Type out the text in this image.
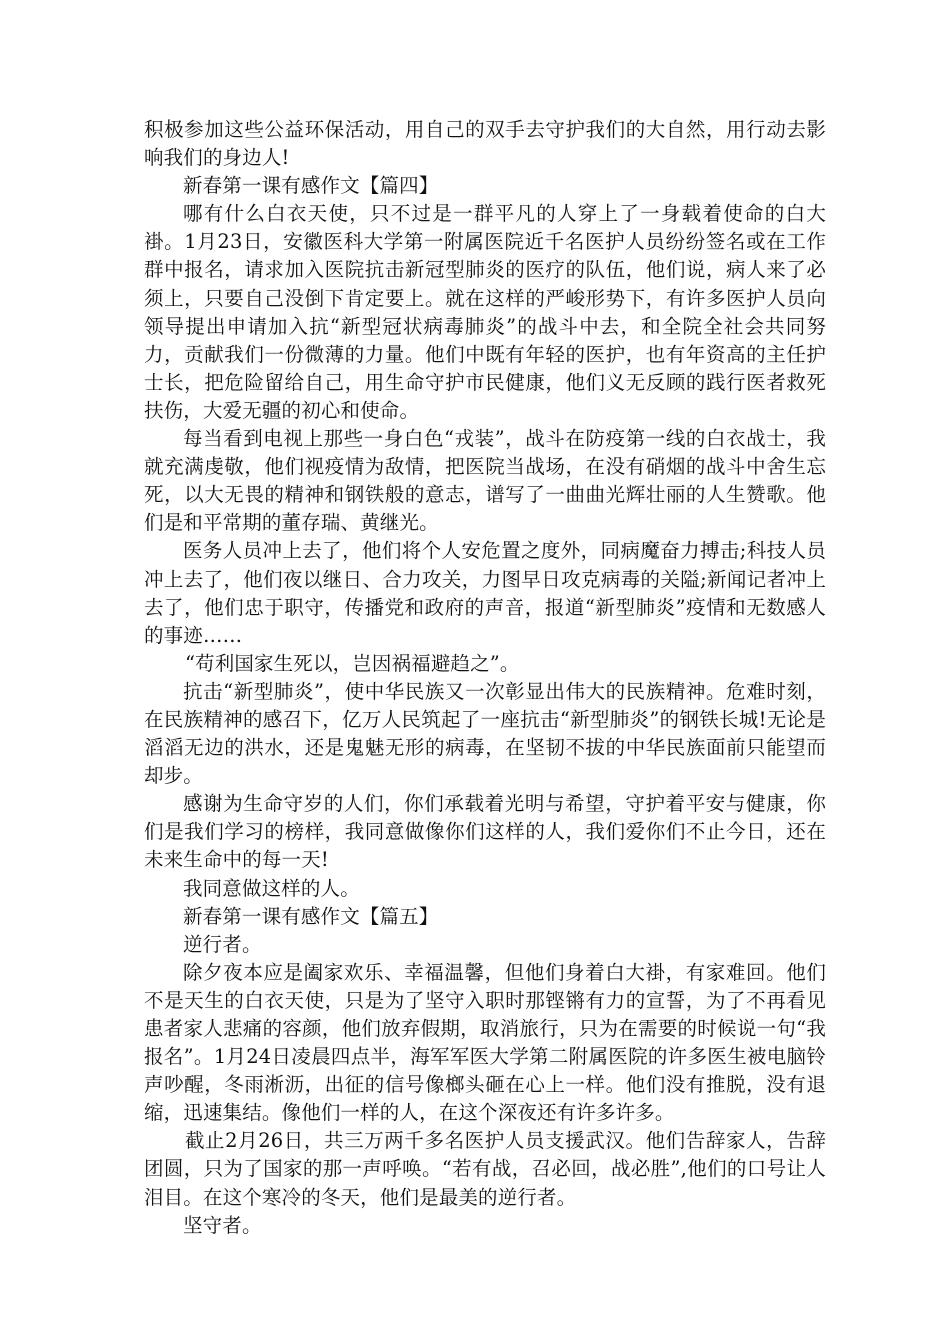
积极参加这些公益环保活动，用自己的双手去守护我们的大自然，用行动去影响我们的身边人!

新春第一课有感作文【篇四】

哪有什么白衣天使，只不过是一群平凡的人穿上了一身载着使命的白大褂。1月23日，安徽医科大学第一附属医院近千名医护人员纷纷签名或在工作群中报名，请求加入医院抗击新冠型肺炎的医疗的队伍，他们说，病人来了必须上，只要自己没倒下肯定要上。就在这样的严峻形势下，有许多医护人员向领导提出申请加入抗“新型冠状病毒肺炎”的战斗中去，和全院全社会共同努力，贡献我们一份微薄的力量。他们中既有年轻的医护，也有年资高的主任护士长，把危险留给自己，用生命守护市民健康，他们义无反顾的践行医者救死扶伤，大爱无疆的初心和使命。

每当看到电视上那些一身白色“戎装”，战斗在防疫第一线的白衣战士，我就充满虔敬，他们视疫情为敌情，把医院当战场，在没有硝烟的战斗中舍生忘死，以大无畏的精神和钢铁般的意志，谱写了一曲曲光辉壮丽的人生赞歌。他们是和平常期的董存瑞、黄继光。

医务人员冲上去了，他们将个人安危置之度外，同病魔奋力搏击;科技人员冲上去了，他们夜以继日、合力攻关，力图早日攻克病毒的关隘;新闻记者冲上去了，他们忠于职守，传播党和政府的声音，报道“新型肺炎”疫情和无数感人的事迹……

“苟利国家生死以，岂因祸福避趋之”。

抗击“新型肺炎”，使中华民族又一次彰显出伟大的民族精神。危难时刻，在民族精神的感召下，亿万人民筑起了一座抗击“新型肺炎”的钢铁长城!无论是滔滔无边的洪水，还是鬼魅无形的病毒，在坚韧不拔的中华民族面前只能望而却步。

感谢为生命守岁的人们，你们承载着光明与希望，守护着平安与健康，你们是我们学习的榜样，我同意做像你们这样的人，我们爱你们不止今日，还在未来生命中的每一天!

我同意做这样的人。

新春第一课有感作文【篇五】

逆行者。

除夕夜本应是阖家欢乐、幸福温馨，但他们身着白大褂，有家难回。他们不是天生的白衣天使，只是为了坚守入职时那铿锵有力的宣誓，为了不再看见患者家人悲痛的容颜，他们放弃假期，取消旅行，只为在需要的时候说一句“我报名”。1月24日凌晨四点半，海军军医大学第二附属医院的许多医生被电脑铃声吵醒，冬雨淅沥，出征的信号像榔头砸在心上一样。他们没有推脱，没有退缩，迅速集结。像他们一样的人，在这个深夜还有许多许多。

截止2月26日，共三万两千多名医护人员支援武汉。他们告辞家人，告辞团圆，只为了国家的那一声呼唤。“若有战，召必回，战必胜”,他们的口号让人泪目。在这个寒冷的冬天，他们是最美的逆行者。

坚守者。
